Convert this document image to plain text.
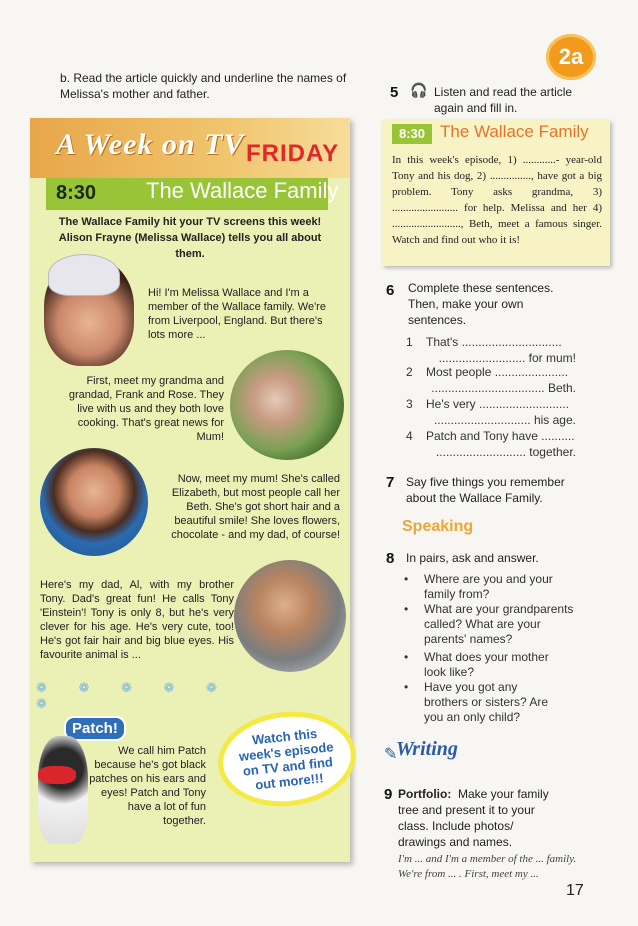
2a
b. Read the article quickly and underline the names of Melissa's mother and father.
A Week on TV FRIDAY
8:30 The Wallace Family
The Wallace Family hit your TV screens this week! Alison Frayne (Melissa Wallace) tells you all about them.
Hi! I'm Melissa Wallace and I'm a member of the Wallace family. We're from Liverpool, England. But there's lots more ...
First, meet my grandma and grandad, Frank and Rose. They live with us and they both love cooking. That's great news for Mum!
Now, meet my mum! She's called Elizabeth, but most people call her Beth. She's got short hair and a beautiful smile! She loves flowers, chocolate - and my dad, of course!
Here's my dad, Al, with my brother Tony. Dad's great fun! He calls Tony 'Einstein'! Tony is only 8, but he's very clever for his age. He's very cute, too! He's got fair hair and big blue eyes. His favourite animal is ...
❁ ❁ ❁ ❁ ❁ ❁
Patch!
We call him Patch because he's got black patches on his ears and eyes! Patch and Tony have a lot of fun together.
Watch this week's episode on TV and find out more!!!
5 🎧 Listen and read the article again and fill in.
8:30 The Wallace Family
In this week's episode, 1) ............- year-old Tony and his dog, 2) ..............., have got a big problem. Tony asks grandma, 3) ........................ for help. Melissa and her 4) ........................., Beth, meet a famous singer. Watch and find out who it is!
6 Complete these sentences. Then, make your own sentences.
1 That's ..............................
.......................... for mum!
2 Most people ......................
.................................. Beth.
3 He's very ...........................
............................. his age.
4 Patch and Tony have ..........
........................... together.
7 Say five things you remember about the Wallace Family.
Speaking
8 In pairs, ask and answer.
• Where are you and your family from?
• What are your grandparents called? What are your parents' names?
• What does your mother look like?
• Have you got any brothers or sisters? Are you an only child?
✎
Writing
9 Portfolio: Make your family tree and present it to your class. Include photos/ drawings and names.
I'm ... and I'm a member of the ... family. We're from ... . First, meet my ...
17
